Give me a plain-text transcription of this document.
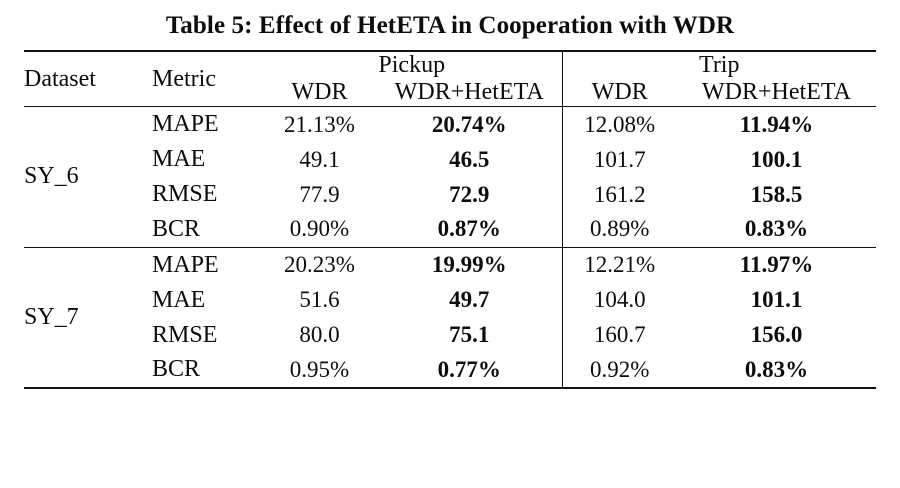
Table 5: Effect of HetETA in Cooperation with WDR

Dataset	Metric	Pickup		Trip	
		WDR	WDR+HetETA	WDR	WDR+HetETA

SY_6	MAPE	21.13%	20.74%	12.08%	11.94%
	MAE	49.1	46.5	101.7	100.1
	RMSE	77.9	72.9	161.2	158.5
	BCR	0.90%	0.87%	0.89%	0.83%

SY_7	MAPE	20.23%	19.99%	12.21%	11.97%
	MAE	51.6	49.7	104.0	101.1
	RMSE	80.0	75.1	160.7	156.0
	BCR	0.95%	0.77%	0.92%	0.83%
